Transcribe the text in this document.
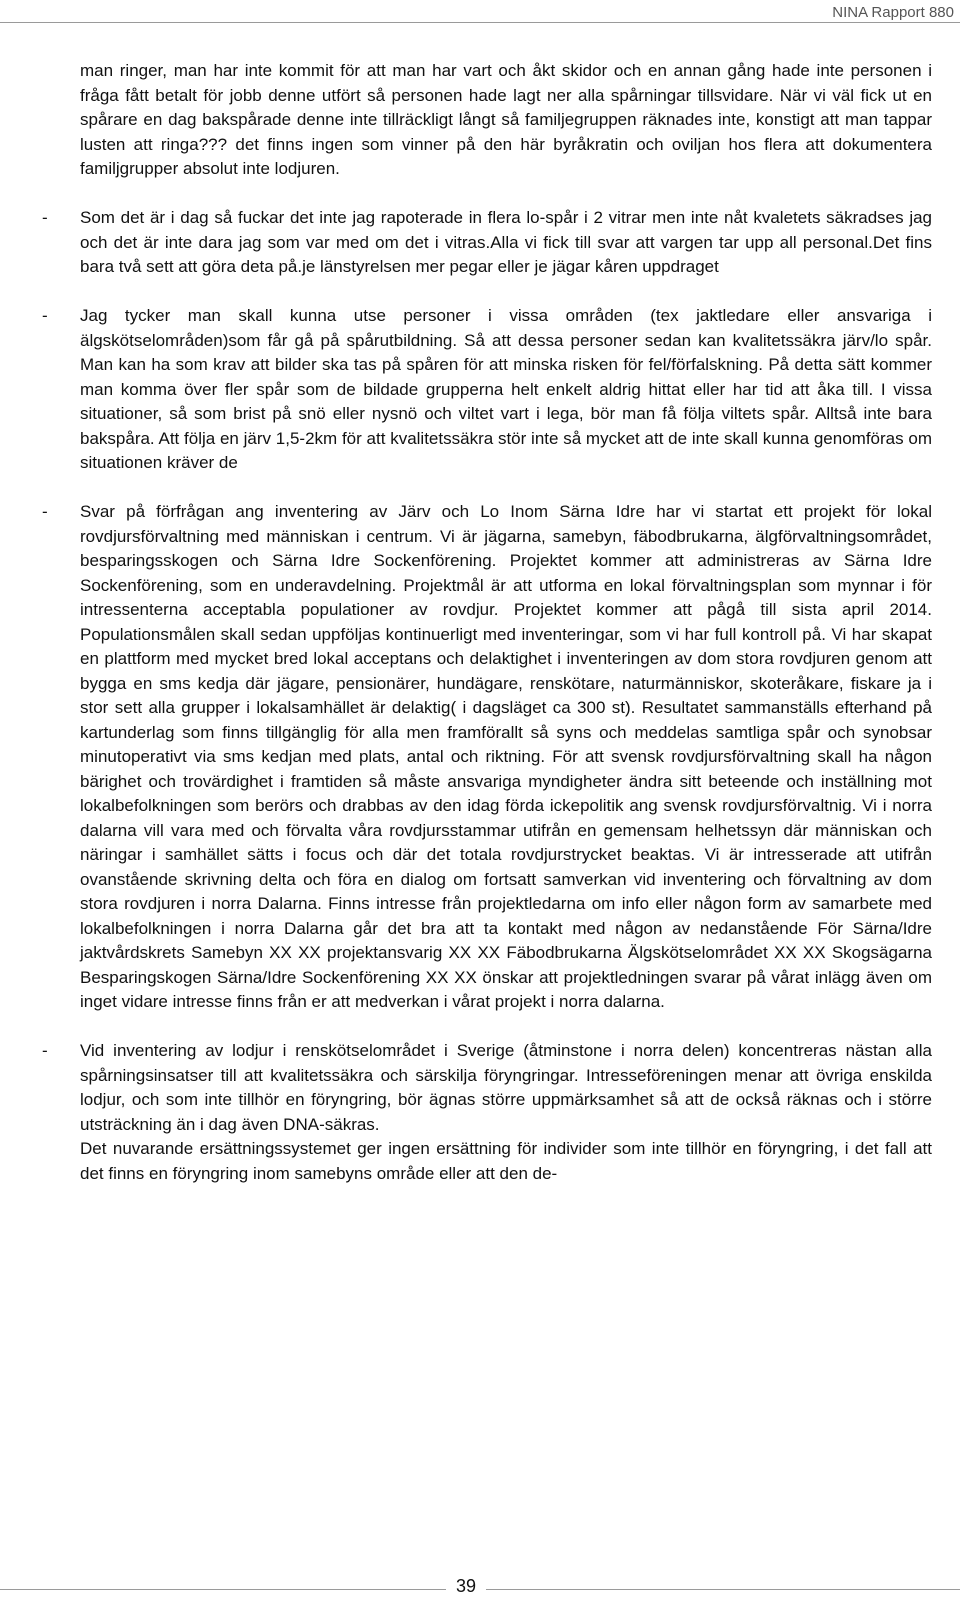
NINA Rapport 880

man ringer, man har inte kommit för att man har vart och åkt skidor och en annan gång hade inte personen i fråga fått betalt för jobb denne utfört så personen hade lagt ner alla spårningar tillsvidare. När vi väl fick ut en spårare en dag bakspårade denne inte tillräckligt långt så familjegruppen räknades inte, konstigt att man tappar lusten att ringa??? det finns ingen som vinner på den här byråkratin och oviljan hos flera att dokumentera familjgrupper absolut inte lodjuren.

-	Som det är i dag så fuckar det inte jag rapoterade in flera lo-spår i 2 vitrar men inte nåt kvaletets säkradses jag och det är inte dara jag som var med om det i vitras.Alla vi fick till svar att vargen tar upp all personal.Det fins bara två sett att göra deta på.je länstyrelsen mer pegar eller je jägar kåren uppdraget

-	Jag tycker man skall kunna utse personer i vissa områden (tex jaktledare eller ansvariga i älgskötselområden)som får gå på spårutbildning. Så att dessa personer sedan kan kvalitetssäkra järv/lo spår. Man kan ha som krav att bilder ska tas på spåren för att minska risken för fel/förfalskning. På detta sätt kommer man komma över fler spår som de bildade grupperna helt enkelt aldrig hittat eller har tid att åka till. I vissa situationer, så som brist på snö eller nysnö och viltet vart i lega, bör man få följa viltets spår. Alltså inte bara bakspåra. Att följa en järv 1,5-2km för att kvalitetssäkra stör inte så mycket att de inte skall kunna genomföras om situationen kräver de

-	Svar på förfrågan ang inventering av Järv och Lo Inom Särna Idre har vi startat ett projekt för lokal rovdjursförvaltning med människan i centrum. Vi är jägarna, samebyn, fäbodbrukarna, älgförvaltningsområdet, besparingsskogen och Särna Idre Sockenförening. Projektet kommer att administreras av Särna Idre Sockenförening, som en underavdelning. Projektmål är att utforma en lokal förvaltningsplan som mynnar i för intressenterna acceptabla populationer av rovdjur. Projektet kommer att pågå till sista april 2014. Populationsmålen skall sedan uppföljas kontinuerligt med inventeringar, som vi har full kontroll på. Vi har skapat en plattform med mycket bred lokal acceptans och delaktighet i inventeringen av dom stora rovdjuren genom att bygga en sms kedja där jägare, pensionärer, hundägare, renskötare, naturmänniskor, skoteråkare, fiskare ja i stor sett alla grupper i lokalsamhället är delaktig( i dagsläget ca 300 st). Resultatet sammanställs efterhand på kartunderlag som finns tillgänglig för alla men framförallt så syns och meddelas samtliga spår och synobsar minutoperativt via sms kedjan med plats, antal och riktning. För att svensk rovdjursförvaltning skall ha någon bärighet och trovärdighet i framtiden så måste ansvariga myndigheter ändra sitt beteende och inställning mot lokalbefolkningen som berörs och drabbas av den idag förda ickepolitik ang svensk rovdjursförvaltnig. Vi i norra dalarna vill vara med och förvalta våra rovdjursstammar utifrån en gemensam helhetssyn där människan och näringar i samhället sätts i focus och där det totala rovdjurstrycket beaktas. Vi är intresserade att utifrån ovanstående skrivning delta och föra en dialog om fortsatt samverkan vid inventering och förvaltning av dom stora rovdjuren i norra Dalarna. Finns intresse från projektledarna om info eller någon form av samarbete med lokalbefolkningen i norra Dalarna går det bra att ta kontakt med någon av nedanstående För Särna/Idre jaktvårdskrets Samebyn XX XX projektansvarig XX XX Fäbodbrukarna Älgskötselområdet XX XX Skogsägarna Besparingskogen Särna/Idre Sockenförening XX XX önskar att projektledningen svarar på vårat inlägg även om inget vidare intresse finns från er att medverkan i vårat projekt i norra dalarna.

-	Vid inventering av lodjur i renskötselområdet i Sverige (åtminstone i norra delen) koncentreras nästan alla spårningsinsatser till att kvalitetssäkra och särskilja föryngringar. Intresseföreningen menar att övriga enskilda lodjur, och som inte tillhör en föryngring, bör ägnas större uppmärksamhet så att de också räknas och i större utsträckning än i dag även DNA-säkras.

Det nuvarande ersättningssystemet ger ingen ersättning för individer som inte tillhör en föryngring, i det fall att det finns en föryngring inom samebyns område eller att den de-

39
